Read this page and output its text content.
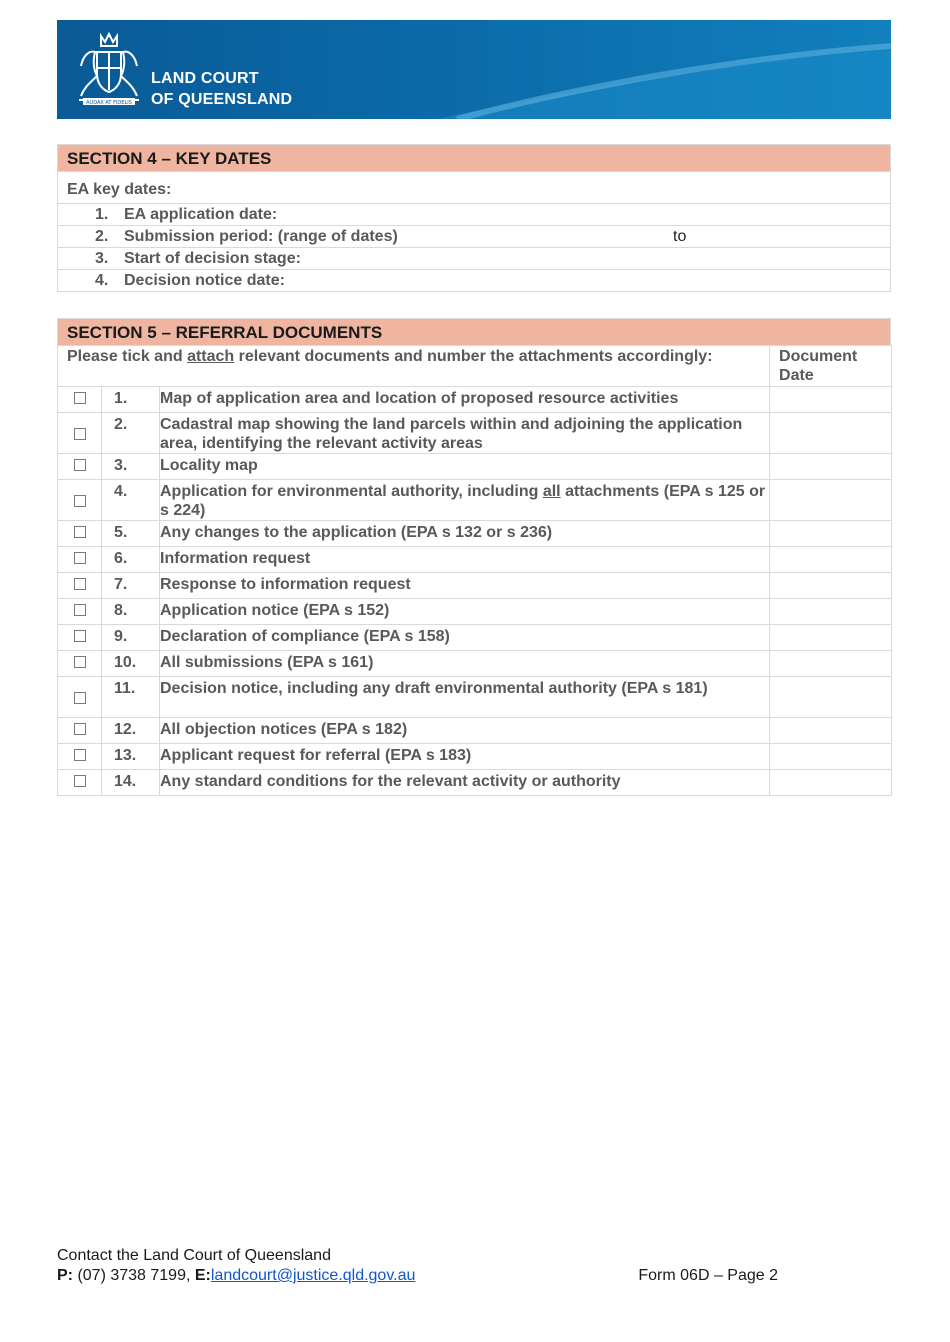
AUDAX AT FIDELIS
LAND COURT
OF QUEENSLAND
SECTION 4 – KEY DATES
EA key dates:

1. EA application date:

2. Submission period: (range of dates)	to

3. Start of decision stage:

4. Decision notice date:
SECTION 5 – REFERRAL DOCUMENTS
Please tick and attach relevant documents and number the attachments accordingly:			Document Date
	1.	Map of application area and location of proposed resource activities	
	2.	Cadastral map showing the land parcels within and adjoining the application area, identifying the relevant activity areas	
	3.	Locality map	
	4.	Application for environmental authority, including all attachments (EPA s 125 or s 224)	
	5.	Any changes to the application (EPA s 132 or s 236)	
	6.	Information request	
	7.	Response to information request	
	8.	Application notice (EPA s 152)	
	9.	Declaration of compliance (EPA s 158)	
	10.	All submissions (EPA s 161)	
	11.	Decision notice, including any draft environmental authority (EPA s 181)	
	12.	All objection notices (EPA s 182)	
	13.	Applicant request for referral (EPA s 183)	
	14.	Any standard conditions for the relevant activity or authority	
Contact the Land Court of Queensland
P: (07) 3738 7199, E:landcourt@justice.qld.gov.au	Form 06D – Page 2
